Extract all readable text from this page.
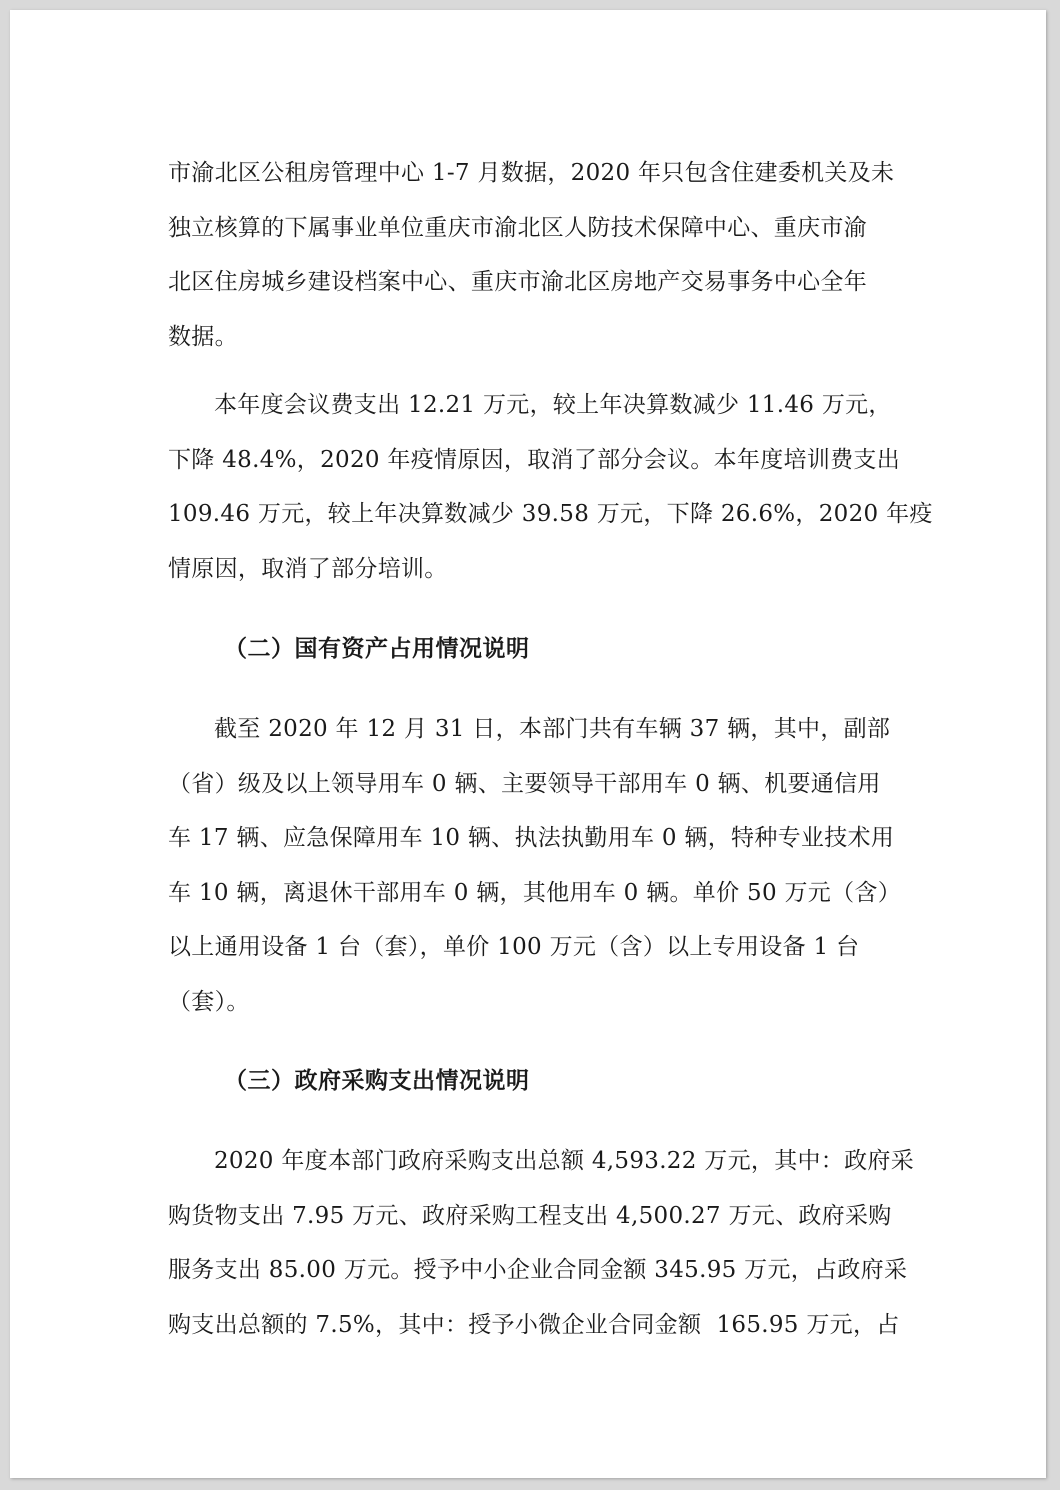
市渝北区公租房管理中心 1-7 月数据，2020 年只包含住建委机关及未
独立核算的下属事业单位重庆市渝北区人防技术保障中心、重庆市渝
北区住房城乡建设档案中心、重庆市渝北区房地产交易事务中心全年
数据。

本年度会议费支出 12.21 万元，较上年决算数减少 11.46 万元，
下降 48.4%，2020 年疫情原因，取消了部分会议。本年度培训费支出
109.46 万元，较上年决算数减少 39.58 万元，下降 26.6%，2020 年疫
情原因，取消了部分培训。

（二）国有资产占用情况说明

截至 2020 年 12 月 31 日，本部门共有车辆 37 辆，其中，副部
（省）级及以上领导用车 0 辆、主要领导干部用车 0 辆、机要通信用
车 17 辆、应急保障用车 10 辆、执法执勤用车 0 辆，特种专业技术用
车 10 辆，离退休干部用车 0 辆，其他用车 0 辆。单价 50 万元（含）
以上通用设备 1 台（套），单价 100 万元（含）以上专用设备 1 台
（套）。

（三）政府采购支出情况说明

2020 年度本部门政府采购支出总额 4,593.22 万元，其中：政府采
购货物支出 7.95 万元、政府采购工程支出 4,500.27 万元、政府采购
服务支出 85.00 万元。授予中小企业合同金额 345.95 万元，占政府采
购支出总额的 7.5%，其中：授予小微企业合同金额  165.95 万元，占
